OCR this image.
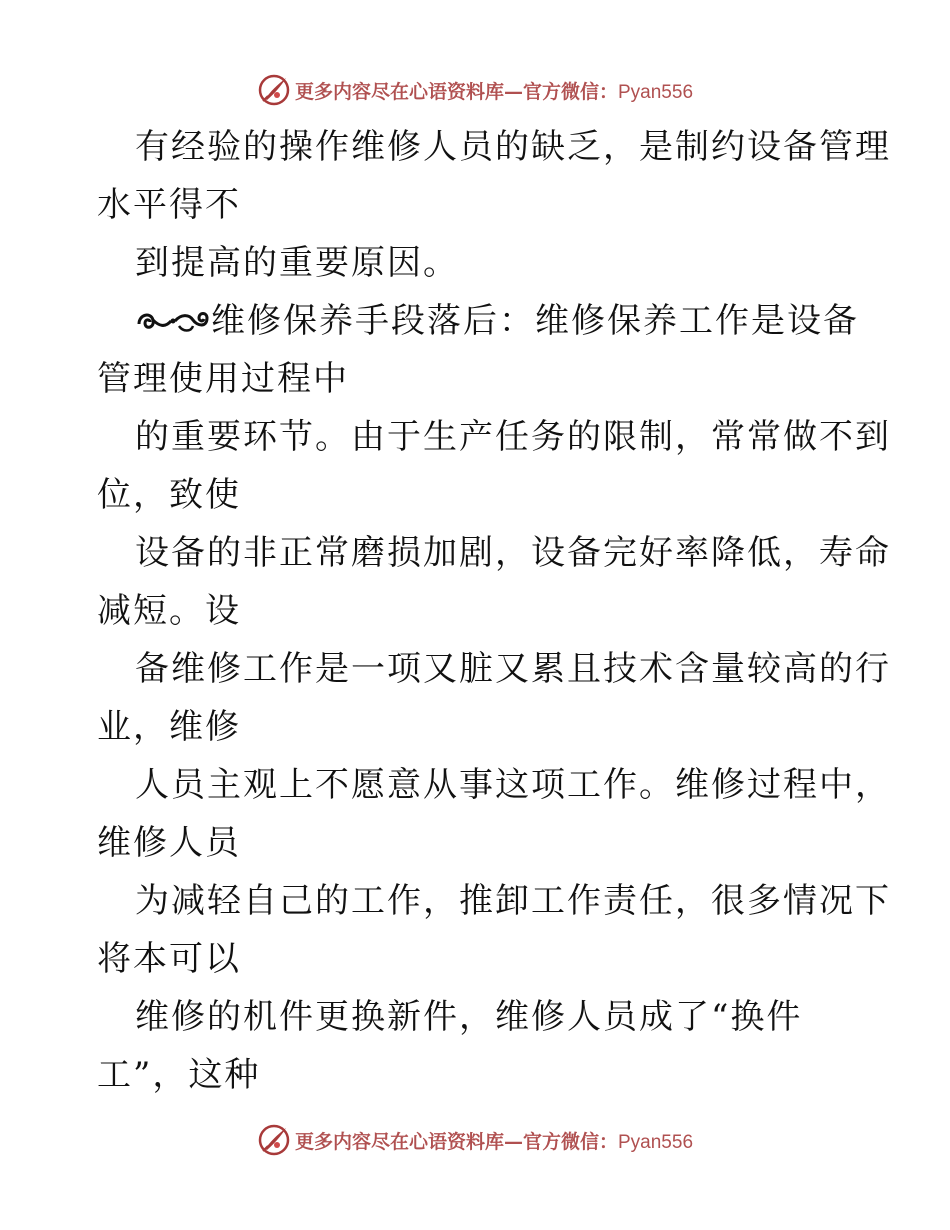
更多内容尽在心语资料库—官方微信：Pyan556
有经验的操作维修人员的缺乏，是制约设备管理
水平得不
到提高的重要原因。
维修保养手段落后：维修保养工作是设备
管理使用过程中
的重要环节。由于生产任务的限制，常常做不到
位，致使
设备的非正常磨损加剧，设备完好率降低，寿命
减短。设
备维修工作是一项又脏又累且技术含量较高的行
业，维修
人员主观上不愿意从事这项工作。维修过程中，
维修人员
为减轻自己的工作，推卸工作责任，很多情况下
将本可以
维修的机件更换新件，维修人员成了“换件
工”，这种
更多内容尽在心语资料库—官方微信：Pyan556
